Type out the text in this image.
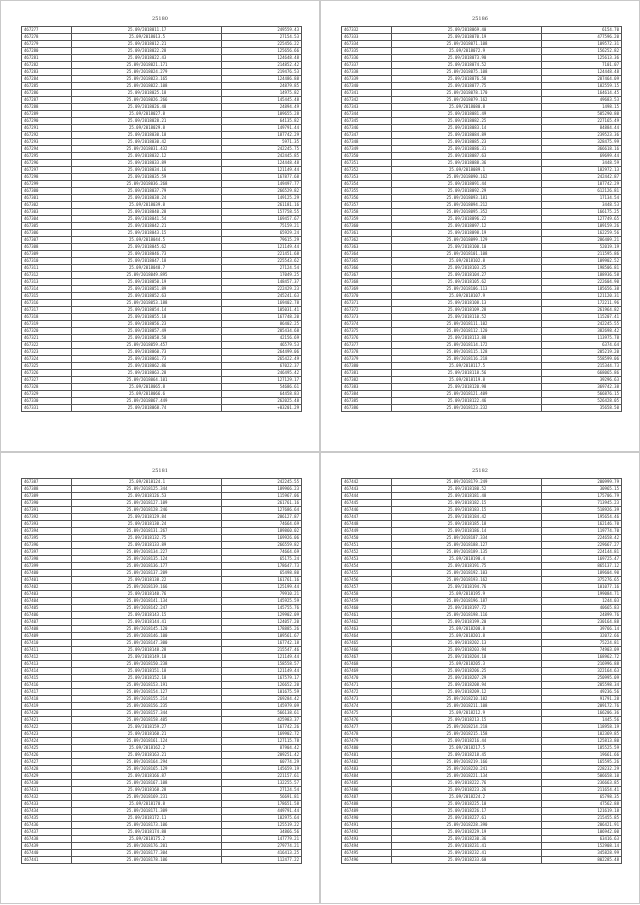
25180
467277	25.09/2018011.17	249559.43
467278	25.09/2018013.5	27154.53
467279	25.09/2018012.21	225456.22
467280	25.09/2018022.28	125656.66
467281	25.09/2018022.43	124648.48
467282	25.09/2018021.171	214852.42
467283	25.09/2018024.279	219476.53
467284	25.09/2018023.165	124486.88
467285	25.09/2018022.108	24879.85
467286	25.09/2018025.18	14975.82
467287	25.09/2018026.266	145445.48
467288	25.09/2018026.48	24894.49
467289	25.09/2018027.8	109655.28
467290	25.09/2018028.21	64135.82
467291	25.09/2018029.8	149791.44
467292	25.09/2018030.18	187742.29
467293	25.09/2018030.42	5971.35
467294	25.09/2018031.432	242245.75
467295	25.09/2018032.12	242445.85
467296	25.09/2018033.89	124448.48
467297	25.09/2018034.16	121149.44
467298	25.09/2018035.59	167877.68
467299	25.09/2018036.268	149497.77
467300	25.09/2018037.79	266529.82
467301	25.09/2018038.24	149125.29
467302	25.09/2018039.8	261181.16
467303	25.09/2018040.28	157758.55
467304	25.09/2018041.54	169457.67
467305	25.09/2018042.21	75159.21
467306	25.09/2018043.15	65929.24
467307	25.09/2018044.5	79615.29
467308	25.09/2018045.62	121149.44
467309	25.09/2018046.73	221451.68
467310	25.09/2018047.18	225543.62
467311	25.09/2018048.7	27124.54
467312	25.09/2018049.895	17049.25
467313	25.09/2018050.19	148457.37
467314	25.09/2018051.89	222429.23
467315	25.09/2018052.63	245241.63
467316	25.09/2018053.188	169402.78
467317	25.09/2018054.14	105031.41
467318	25.09/2018055.18	167748.20
467319	25.09/2018056.23	86402.25
467320	25.09/2018057.49	205434.68
467321	25.09/2018058.58	42156.69
467322	25.09/2018059.457	46579.53
467323	25.09/2018060.73	264499.06
467324	25.09/2018061.73	265422.49
467325	25.09/2018062.86	67022.37
467326	25.09/2018063.28	246495.42
467327	25.09/2018064.101	127129.17
467328	25.09/2018065.8	54686.61
467329	25.09/2018066.6	64458.83
467330	25.09/2018067.449	262025.48
467331	25.09/2018068.74	+03201.29
25186
467332	25.09/2018069.40	6154.70
467333	25.09/2018070.19	477596.20
467334	25.09/2018071.108	109572.31
467335	25.09/2018072.9	156252.82
467336	25.09/2018073.90	125613.36
467337	25.09/2018074.52	7101.07
467338	25.09/2018075.108	124448.48
467339	25.09/2018076.58	207464.09
467340	25.09/2018077.75	102559.15
467341	25.09/2018078.170	164614.45
467342	25.09/2018079.162	49683.53
467343	25.09/2018080.8	1498.15
467344	25.09/2018081.49	505290.80
467345	25.09/2018082.25	227165.49
467346	25.09/2018083.14	84884.44
467347	25.09/2018084.89	239523.36
467348	25.09/2018085.23	328475.99
467349	25.09/2018086.31	366618.16
467350	25.09/2018087.63	69699.44
467351	25.09/2018088.36	3448.59
467352	25.09/2018089.1	182972.13
467353	25.09/2018090.162	242442.87
467354	25.09/2018091.44	107742.29
467355	25.09/2018092.29	612126.81
467356	25.09/2018093.181	17134.54
467357	25.09/2018094.212	3448.53
467358	25.09/2018095.352	166175.25
467359	25.09/2018096.22	127749.65
467360	25.09/2018097.12	109159.26
467361	25.09/2018098.19	162259.56
467362	25.09/2018099.129	286409.21
467363	25.09/2018100.10	52019.19
467364	25.09/2018101.108	211595.86
467365	25.09/2018102.8	109902.52
467366	25.09/2018103.25	198506.81
467367	25.09/2018104.27	188936.58
467368	25.09/2018105.62	222604.90
467369	25.09/2018106.113	185656.38
467370	25.09/2018107.9	121120.31
467371	25.09/2018108.13	172211.96
467372	25.09/2018109.28	261964.82
467373	25.09/2018110.52	115207.41
467374	25.09/2018111.102	242245.55
467375	25.09/2018112.120	382698.42
467376	25.09/2018113.88	113975.78
467377	25.09/2018114.172	6374.64
467378	25.09/2018115.128	205219.20
467379	25.09/2018116.218	558599.06
467380	25.09/2018117.5	215344.73
467381	25.09/2018118.56	668065.86
467382	25.09/2018119.8	39296.63
467383	25.09/2018120.98	369742.38
467384	25.09/2018121.409	566876.15
467385	25.09/2018122.46	526428.05
467386	25.09/2018123.232	35658.50
25181
467387	25.09/2018124.1	242245.55
467388	25.09/2018125.344	189966.23
467389	25.09/2018126.53	115967.06
467390	25.09/2018127.109	261761.16
467391	25.09/2018128.246	127686.64
467392	25.09/2018129.84	286127.87
467393	25.09/2018130.24	74664.69
467394	25.09/2018131.267	189860.02
467395	25.09/2018132.75	169926.06
467396	25.09/2018133.89	266559.82
467397	25.09/2018134.227	74664.69
467398	25.09/2018135.124	65175.24
467399	25.09/2018136.177	178647.73
467400	25.09/2018137.209	65498.80
467401	25.09/2018138.22	161761.16
467402	25.09/2018139.166	125199.44
467403	25.09/2018140.76	79910.21
467404	25.09/2018141.134	145925.59
467405	25.09/2018142.247	145755.76
467406	25.09/2018143.15	129902.09
467407	25.09/2018144.41	124057.20
467408	25.09/2018145.120	178885.26
467409	25.09/2018146.100	109561.67
467410	25.09/2018147.300	167742.18
467411	25.09/2018148.28	215547.46
467412	25.09/2018149.18	121149.44
467413	25.09/2018150.238	158558.57
467414	25.09/2018151.18	121149.44
467415	25.09/2018152.18	167579.17
467416	25.09/2018153.191	126652.20
467417	25.09/2018154.127	101675.59
467418	25.09/2018155.214	269284.42
467419	25.09/2018156.235	145979.09
467420	25.09/2018157.344	566138.61
467421	25.09/2018158.405	425983.37
467422	25.09/2018159.27	167742.26
467423	25.09/2018160.21	169902.72
467424	25.09/2018161.124	127115.78
467425	25.09/2018162.2	87904.42
467426	25.09/2018163.21	209251.42
467427	25.09/2018164.294	60774.29
467428	25.09/2018165.129	145659.19
467429	25.09/2018166.87	221157.61
467430	25.09/2018167.108	132255.57
467431	25.09/2018168.28	27124.54
467432	25.09/2018169.231	56691.81
467433	25.09/2018170.8	178651.58
467434	25.09/2018171.309	449791.44
467435	25.09/2018172.11	102975.64
467436	25.09/2018173.106	125519.22
467437	25.09/2018174.88	34866.56
467438	25.09/2018175.2	147779.21
467439	25.09/2018176.201	279774.21
467440	25.09/2018177.304	416413.25
467441	25.09/2018178.106	112477.22
25182
467442	25.09/2018179.249	200999.79
467443	25.09/2018180.52	30965.15
467444	25.09/2018181.48	175706.79
467445	25.09/2018182.15	713945.23
467446	25.09/2018183.15	518926.39
467447	25.09/2018184.42	195654.46
467448	25.09/2018185.18	162146.70
467449	25.09/2018186.14	119774.70
467450	25.09/2018187.334	224658.42
467451	25.09/2018188.127	229667.27
467452	25.09/2018189.135	224144.81
467453	25.09/2018190.4	169725.47
467454	25.09/2018191.75	865137.12
467455	25.09/2018192.103	189604.90
467456	25.09/2018193.162	375276.65
467457	25.09/2018194.76	101077.16
467458	25.09/2018195.9	199084.71
467459	25.09/2018196.187	1244.03
467460	25.09/2018197.72	40665.83
467461	25.09/2018198.116	24899.76
467462	25.09/2018199.20	230164.88
467463	25.09/2018200.8	39766.14
467464	25.09/2018201.8	32072.66
467465	25.09/2018202.13	75224.81
467466	25.09/2018203.94	74903.09
467467	25.09/2018204.18	168962.72
467468	25.09/2018205.3	216996.88
467469	25.09/2018206.25	322164.63
467470	25.09/2018207.29	250995.09
467471	25.09/2018208.94	205598.34
467472	25.09/2018209.12	49236.56
467473	25.09/2018210.102	91791.28
467474	25.09/2018211.108	209172.76
467475	25.09/2018212.9	166206.36
467476	25.09/2018213.15	1445.56
467477	25.09/2018214.218	118958.19
467478	25.09/2018215.158	102369.85
467479	25.09/2018216.44	125813.80
467480	25.09/2018217.5	185525.59
467481	25.09/2018218.45	19661.66
467482	25.09/2018219.166	165595.26
467483	25.09/2018220.241	228232.29
467484	25.09/2018221.134	506658.10
467485	25.09/2018222.76	236663.85
467486	25.09/2018223.26	211654.41
467487	25.09/2018224.2	65798.35
467488	25.09/2018225.10	47562.88
467489	25.09/2018226.17	121619.18
467490	25.09/2018227.61	215455.85
467491	25.09/2018228.390	206421.91
467492	25.09/2018229.19	106942.00
467493	25.09/2018230.36	63416.63
467494	25.09/2018231.41	152908.14
467495	25.09/2018232.41	345828.99
467496	25.09/2018233.60	802285.48
